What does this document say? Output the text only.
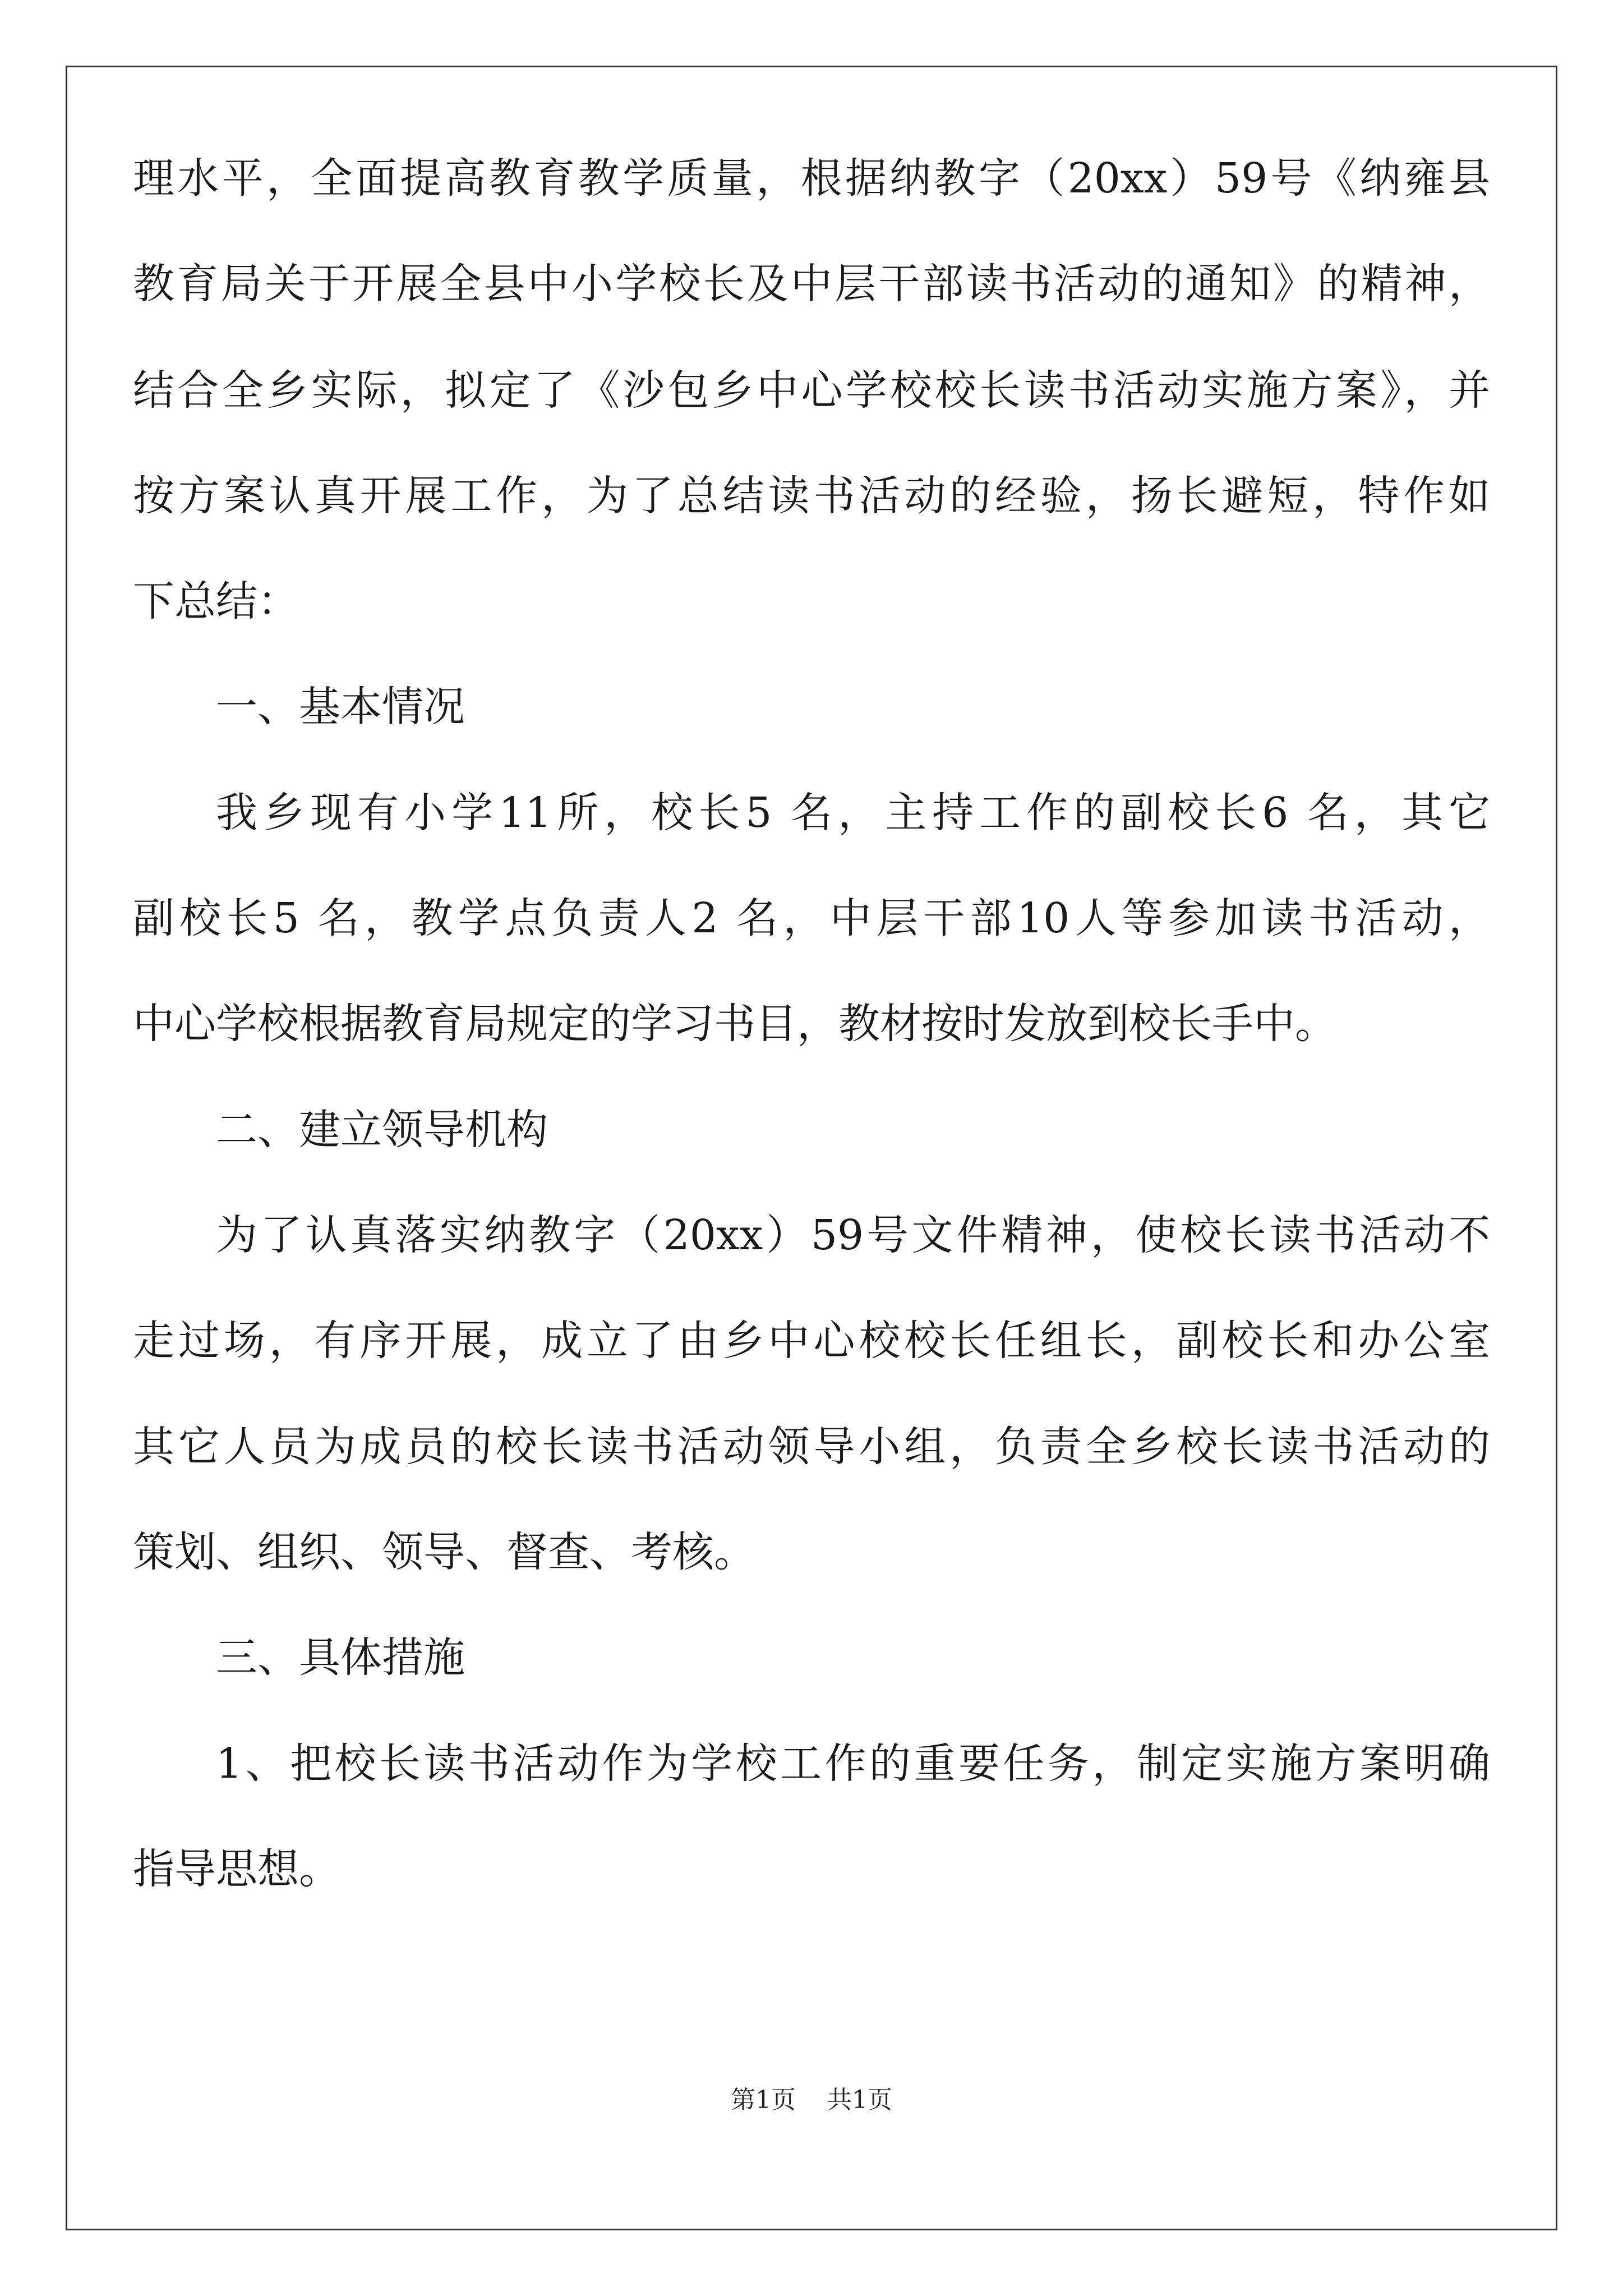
理水平，全面提高教育教学质量，根据纳教字（20xx）59号《纳雍县
教育局关于开展全县中小学校长及中层干部读书活动的通知》的精神，
结合全乡实际，拟定了《沙包乡中心学校校长读书活动实施方案》，并
按方案认真开展工作，为了总结读书活动的经验，扬长避短，特作如
下总结：
一、基本情况
我乡现有小学11所，校长5 名，主持工作的副校长6 名，其它
副校长5 名，教学点负责人2 名，中层干部10人等参加读书活动，
中心学校根据教育局规定的学习书目，教材按时发放到校长手中。
二、建立领导机构
为了认真落实纳教字（20xx）59号文件精神，使校长读书活动不
走过场，有序开展，成立了由乡中心校校长任组长，副校长和办公室
其它人员为成员的校长读书活动领导小组，负责全乡校长读书活动的
策划、组织、领导、督查、考核。
三、具体措施
1、把校长读书活动作为学校工作的重要任务，制定实施方案明确
指导思想。
第1页 共1页
